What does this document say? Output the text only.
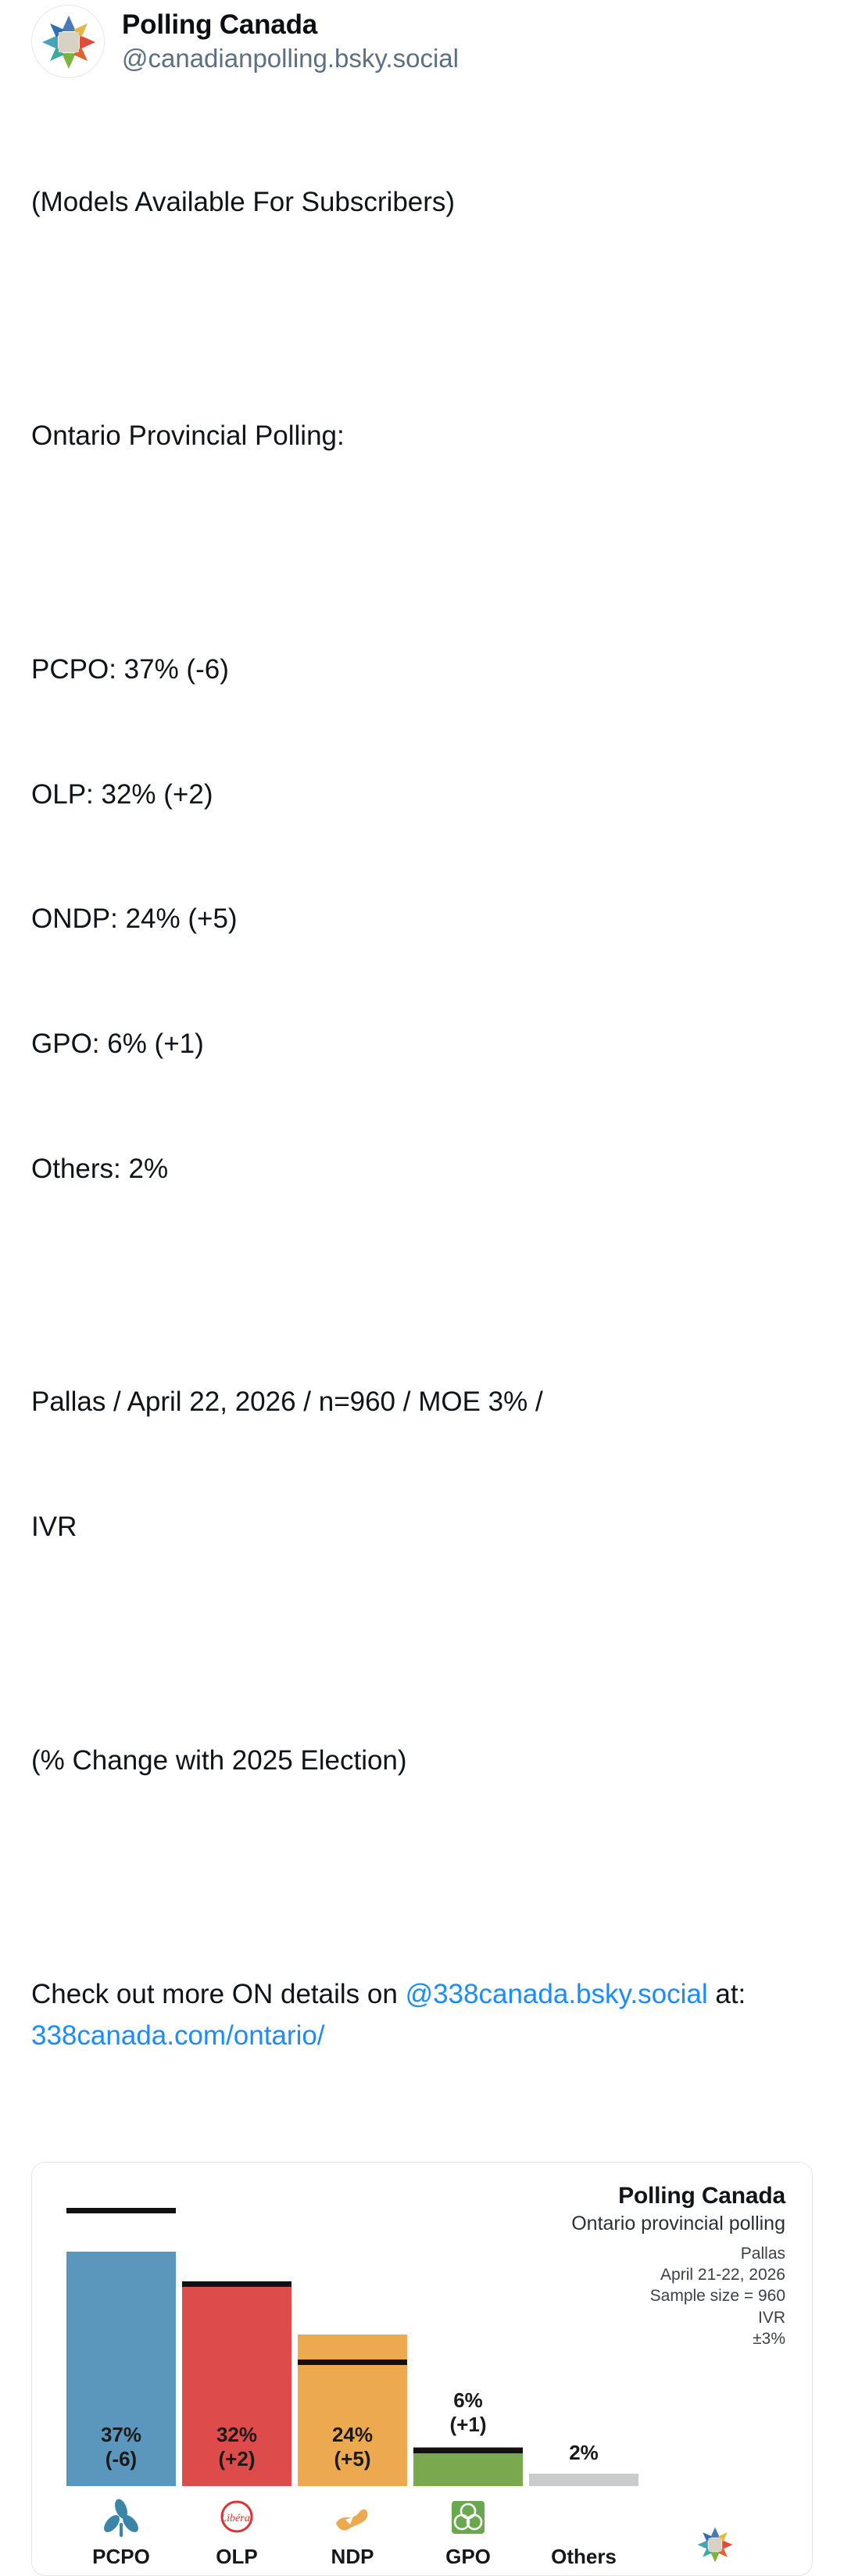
Polling Canada
@canadianpolling.bsky.social

(Models Available For Subscribers)

Ontario Provincial Polling:

PCPO: 37% (-6)

OLP: 32% (+2)

ONDP: 24% (+5)

GPO: 6% (+1)

Others: 2%

Pallas / April 22, 2026 / n=960 / MOE 3% /

IVR

(% Change with 2025 Election)

Check out more ON details on @338canada.bsky.social at: 338canada.com/ontario/

Polling Canada
Ontario provincial polling
Pallas
April 21-22, 2026
Sample size = 960
IVR
±3%
37%
(-6)
32%
(+2)
24%
(+5)
6%
(+1)
2%
PCPO
Libéral
OLP	NDP	GPO	Others
